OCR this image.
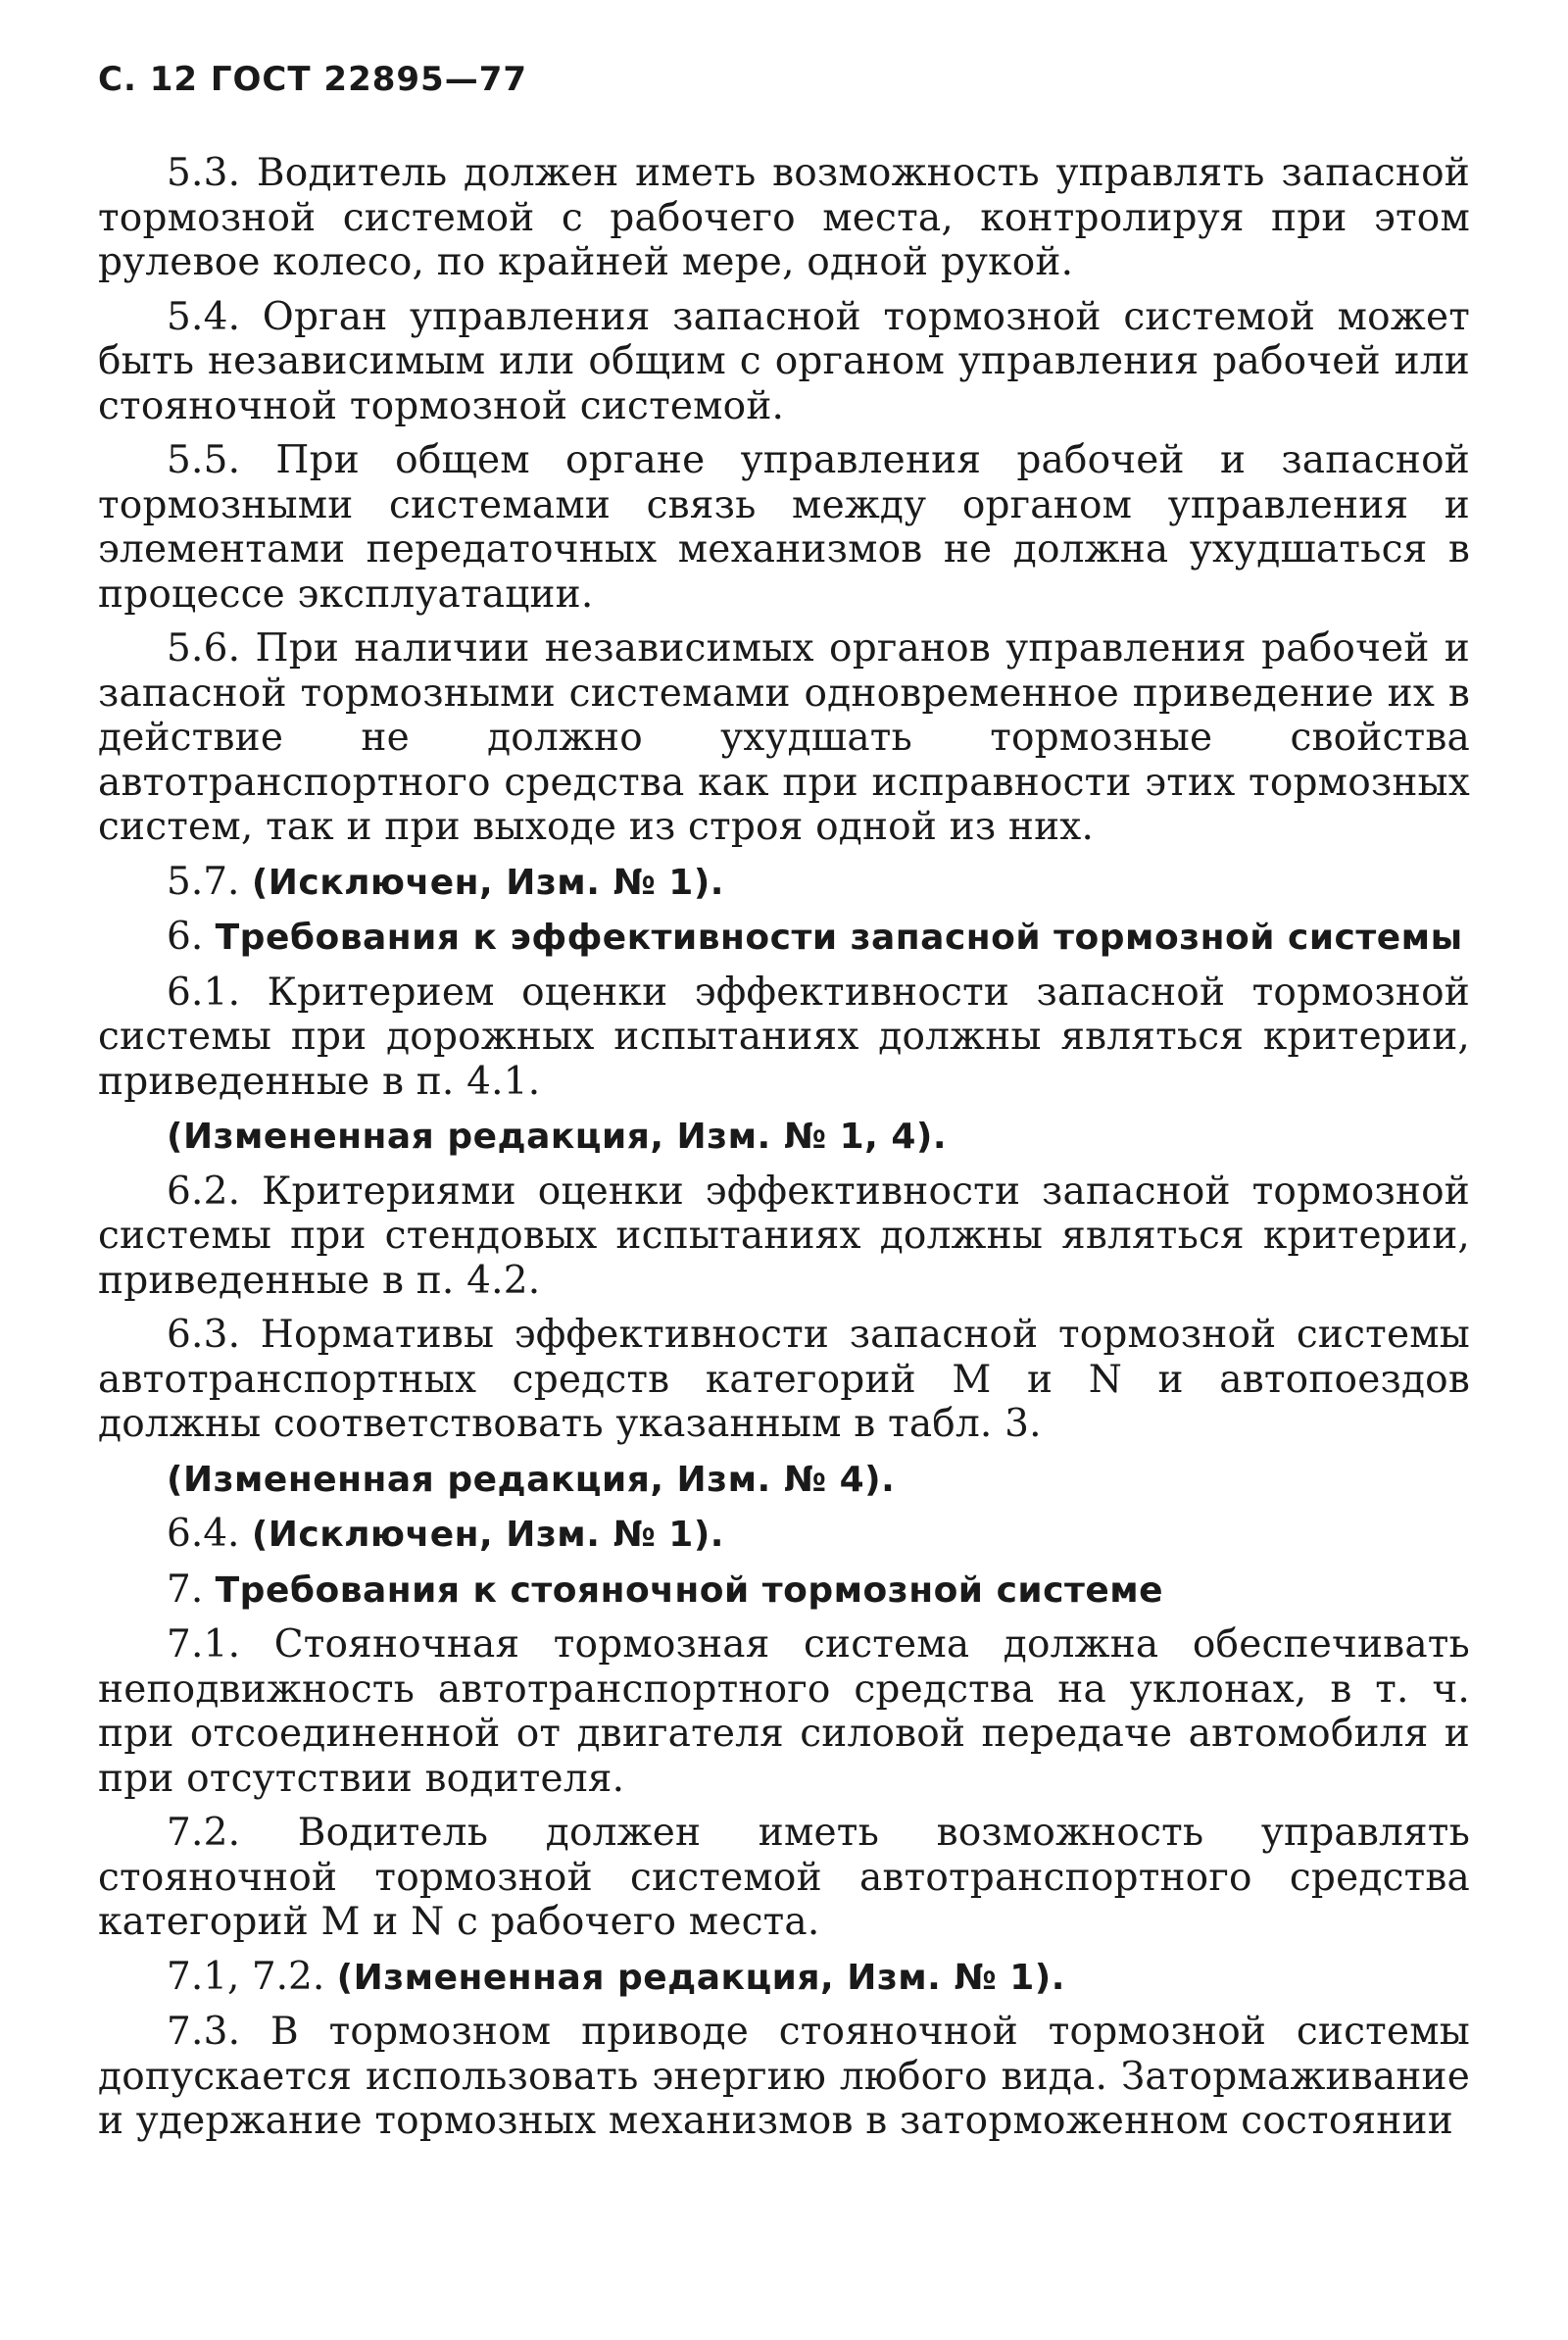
С. 12 ГОСТ 22895—77

5.3. Водитель должен иметь возможность управлять запасной тормозной системой с рабочего места, контролируя при этом рулевое колесо, по крайней мере, одной рукой.

5.4. Орган управления запасной тормозной системой может быть независимым или общим с органом управления рабочей или стояночной тормозной системой.

5.5. При общем органе управления рабочей и запасной тормозными системами связь между органом управления и элементами передаточных механизмов не должна ухудшаться в процессе эксплуатации.

5.6. При наличии независимых органов управления рабочей и запасной тормозными системами одновременное приведение их в действие не должно ухудшать тормозные свойства автотранспортного средства как при исправности этих тормозных систем, так и при выходе из строя одной из них.

5.7. (Исключен, Изм. № 1).

6. Требования к эффективности запасной тормозной системы

6.1. Критерием оценки эффективности запасной тормозной системы при дорожных испытаниях должны являться критерии, приведенные в п. 4.1.

(Измененная редакция, Изм. № 1, 4).

6.2. Критериями оценки эффективности запасной тормозной системы при стендовых испытаниях должны являться критерии, приведенные в п. 4.2.

6.3. Нормативы эффективности запасной тормозной системы автотранспортных средств категорий M и N и автопоездов должны соответствовать указанным в табл. 3.

(Измененная редакция, Изм. № 4).

6.4. (Исключен, Изм. № 1).

7. Требования к стояночной тормозной системе

7.1. Стояночная тормозная система должна обеспечивать неподвижность автотранспортного средства на уклонах, в т. ч. при отсоединенной от двигателя силовой передаче автомобиля и при отсутствии водителя.

7.2. Водитель должен иметь возможность управлять стояночной тормозной системой автотранспортного средства категорий M и N с рабочего места.

7.1, 7.2. (Измененная редакция, Изм. № 1).

7.3. В тормозном приводе стояночной тормозной системы допускается использовать энергию любого вида. Затормаживание и удержание тормозных механизмов в заторможенном состоянии
